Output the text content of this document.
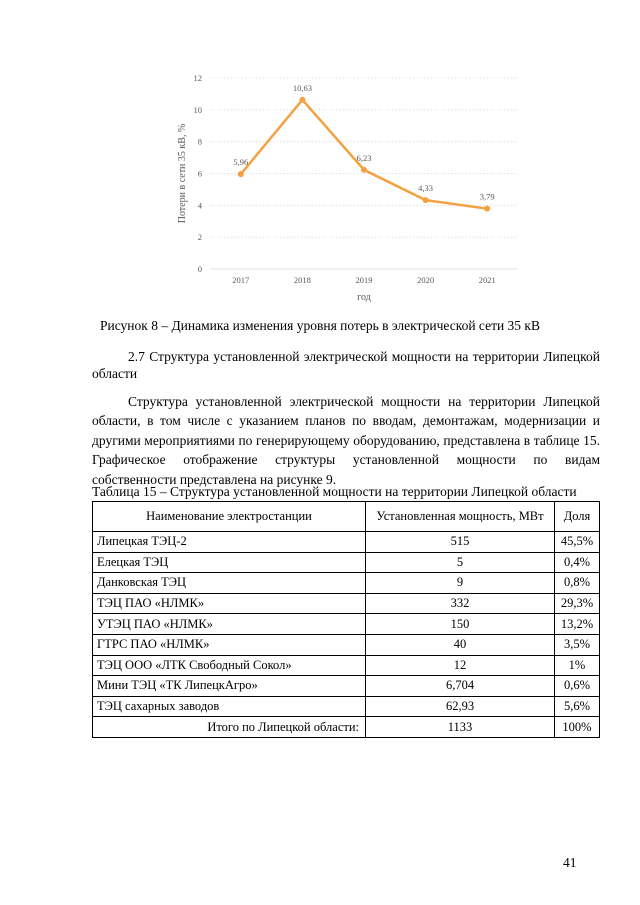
0
2
4
6
8
10
12
2017	2018	2019	2020	2021
год
Потери в сети 35 кВ, %	5,96
10,63
6,23
4,33
3,79
Рисунок 8 – Динамика изменения уровня потерь в электрической сети 35 кВ
2.7 Структура установленной электрической мощности на территории Липецкой области
Структура установленной электрической мощности на территории Липецкой области, в том числе с указанием планов по вводам, демонтажам, модернизации и другими мероприятиями по генерирующему оборудованию, представлена в таблице 15. Графическое отображение структуры установленной мощности по видам собственности представлена на рисунке 9.
Таблица 15 – Структура установленной мощности на территории Липецкой области
Наименование электростанции	Установленная мощность, МВт	Доля
Липецкая ТЭЦ-2	515	45,5%
Елецкая ТЭЦ	5	0,4%
Данковская ТЭЦ	9	0,8%
ТЭЦ ПАО «НЛМК»	332	29,3%
УТЭЦ ПАО «НЛМК»	150	13,2%
ГТРС ПАО «НЛМК»	40	3,5%
ТЭЦ ООО «ЛТК Свободный Сокол»	12	1%
Мини ТЭЦ «ТК ЛипецкАгро»	6,704	0,6%
ТЭЦ сахарных заводов	62,93	5,6%
Итого по Липецкой области:	1133	100%
41
